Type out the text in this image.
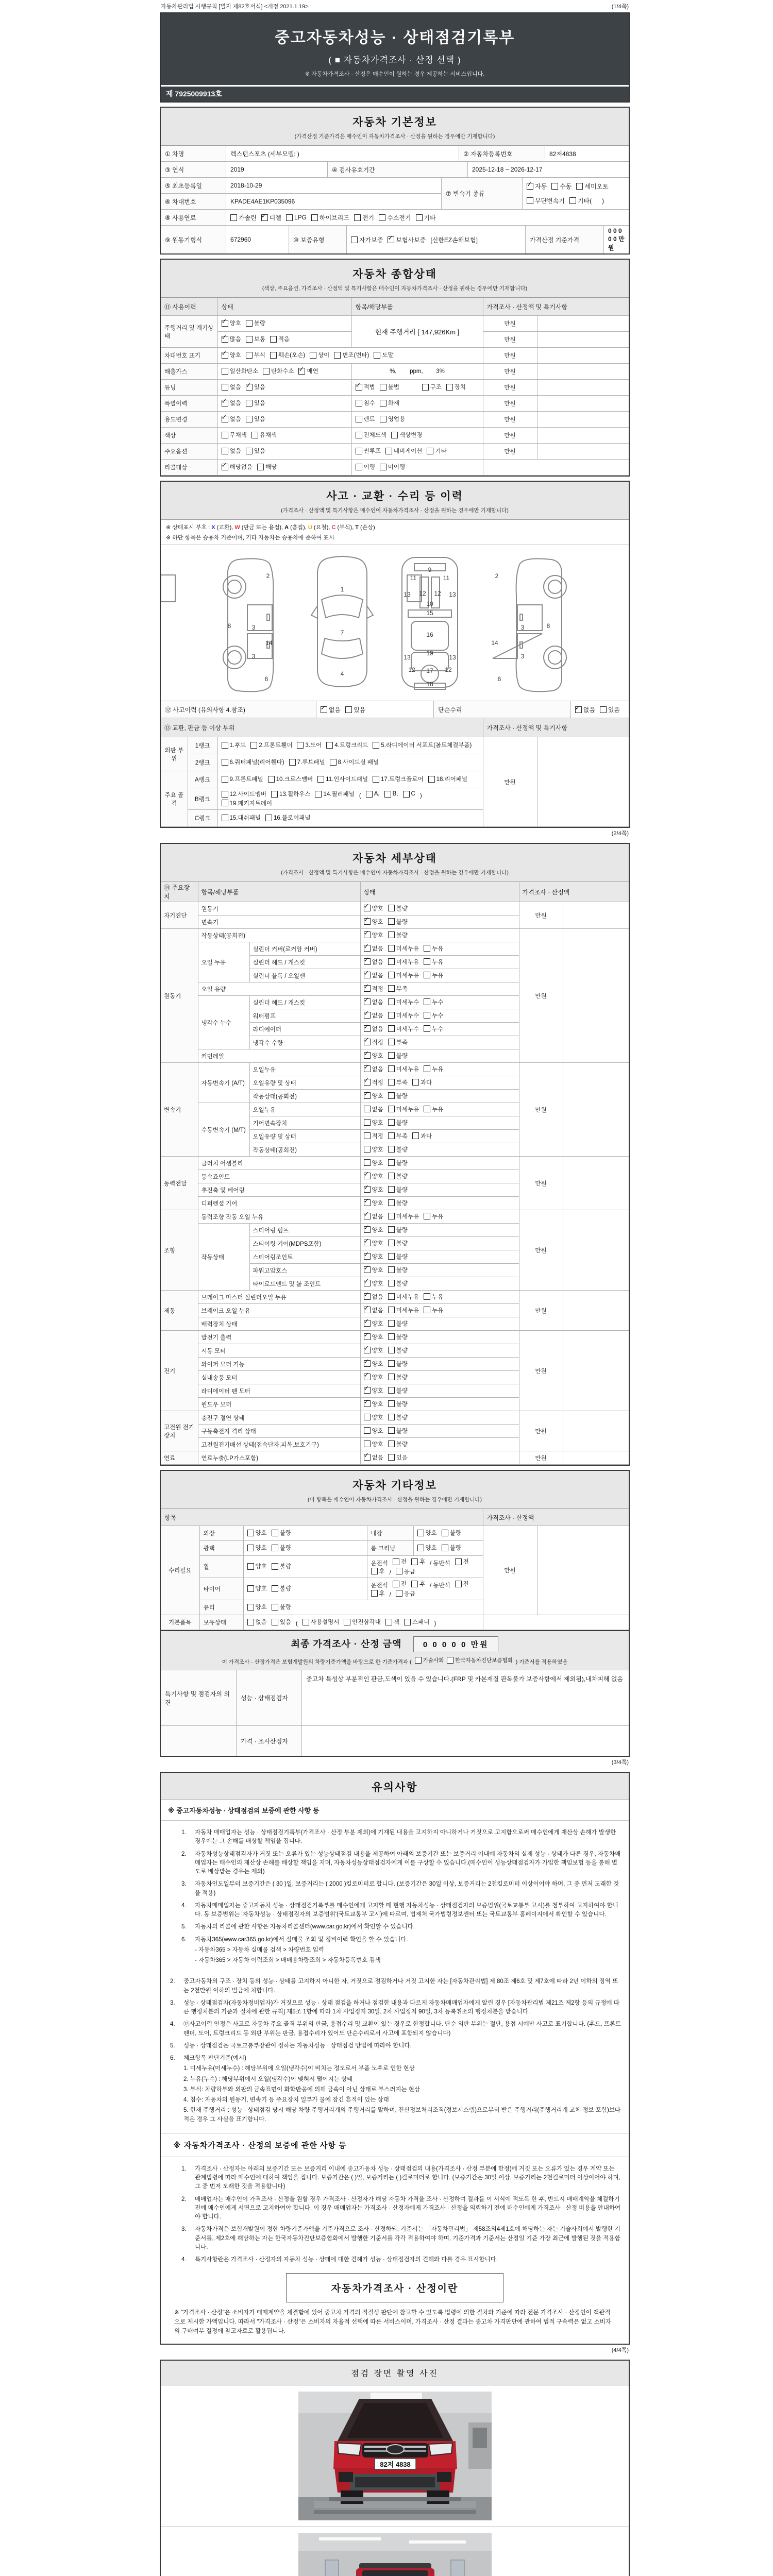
자동차관리법 시행규칙 [별지 제82호서식] <개정 2021.1.19>	(1/4쪽)
중고자동차성능 · 상태점검기록부
( ■ 자동차가격조사 · 산정 선택 )
※ 자동차가격조사 · 산정은 매수인이 원하는 경우 제공하는 서비스입니다.
제 7925009913호
자동차 기본정보
(가격산정 기준가격은 매수인이 자동차가격조사 · 산정을 원하는 경우에만 기재합니다)
① 차명	렉스턴스포츠 (세부모델: )	② 자동차등록번호	82저4838
③ 연식	2019	④ 검사유효기간	2025-12-18 ~ 2026-12-17
⑤ 최초등록일	2018-10-29
⑥ 차대번호	KPADE4AE1KP035096
⑦ 변속기 종류
✓
자동 수동 세미오토
무단변속기 기타(      )
⑧ 사용연료	가솔린 ✓ 디젤 LPG 하이브리드 전기 수소전기 기타
⑨ 원동기형식	672960	⑩ 보증유형	자가보증 ✓ 보험사보증 [신한EZ손해보험]	가격산정 기준가격
0 0 0 0 0 만원
자동차 종합상태
(색상, 주요옵션, 가격조사 · 산정액 및 특기사항은 매수인이 자동차가격조사 · 산정을 원하는 경우에만 기재합니다)
⑪ 사용이력	상태	항목/해당부품	가격조사 · 산정액 및 특기사항	
주행거리 및 계기상태	
✓
양호 불량	현재 주행거리 [ 147,926Km ]	만원	

✓
많음 보통 적음		만원	
차대번호 표기	
✓양호 부식 훼손(오손) 상이 변조(변타) 도말	만원	
배출가스	일산화탄소 탄화수소 ✓ 매연	%,        ppm,        3%	만원	
튜닝	없음 ✓ 있음

✓적법 불법
구조 장치	만원	
특별이력	
✓없음 있음	침수 화재	만원	
용도변경	
✓없음 있음	렌트 영업용	만원	
색상	무채색 유채색	전체도색 색상변경	만원	
주요옵션	없음 있음	썬루프 네비게이션 기타	만원	
리콜대상	
✓해당없음 해당	이행 미이행		

사고 · 교환 · 수리 등 이력
(가격조사 · 산정액 및 특기사항은 매수인이 자동차가격조사 · 산정을 원하는 경우에만 기재합니다)
※ 상태표시 부호 : X (교환), W (판금 또는 용접), A (흠집), U (요철), C (부식), T (손상)
※ 하단 항목은 승용차 기준이며, 기타 자동차는 승용차에 준하여 표시
2
8	3
14
3
6
1
7
4
9
11	11
13 12 12 13
10
15
16
13
19
13
12 17 12
18
2
8
3
14
3
6
⑫ 사고이력 (유의사항 4.참조) ✓	없음 있음	단순수리 ✓	없음 있음
⑬ 교환, 판금 등 이상 부위			가격조사 · 산정액 및 특기사항	
외판 부위	1랭크	1.후드 2.프론트휀더 3.도어 4.트렁크리드 5.라디에이터 서포트(볼트체결부품)	만원	
	2랭크	6.쿼터패널(리어휀다) 7.루브패널 8.사이드실 패널		

주요 골격	A랭크	9.프론트패널 10.크로스멤버 11.인사이드패널 17.트렁크플로어 18.리어패널		

B랭크	
12.사이드멤버 13.휠하우스 14.필러패널 ( A, B, C )
19.패키지트레이

	C랭크	15.대쉬패널 16.플로어패널		
(2/4쪽)
자동차 세부상태
(가격조사 · 산정액 및 특기사항은 매수인이 자동차가격조사 · 산정을 원하는 경우에만 기재합니다)
⑭ 주요장치	항목/해당부품		상태	가격조사 · 산정액	
자기진단	원동기	
✓양호 불량	만원	
	변속기	
✓양호 불량

원동기	작동상태(공회전)	
✓양호 불량	만원	
	오일 누유	실린더 커버(로커암 커버)	
✓없음 미세누유 누유

		실린더 헤드 / 개스킷	
✓없음 미세누유 누유

		실린더 블록 / 오일팬	
✓없음 미세누유 누유

	오일 유량	
✓적정 부족

	냉각수 누수	실린더 헤드 / 개스킷	
✓없음 미세누수 누수

		워터펌프	
✓없음 미세누수 누수

		라디에이터	
✓없음 미세누수 누수

		냉각수 수량	
✓적정 부족

	커먼레일	
✓양호 불량

변속기	자동변속기 (A/T)	오일누유	
✓없음 미세누유 누유	만원	
		오일유량 및 상태	
✓적정 부족 과다

		작동상태(공회전)	
✓양호 불량

	수동변속기 (M/T)	오일누유	없음 미세누유 누유		

		기어변속장치	양호 불량		

		오일유량 및 상태	적정 부족 과다		

		작동상태(공회전)	양호 불량		

동력전달	클러치 어셈블리		양호 불량	만원	
	등속죠인트	
✓양호 불량

	추진축 및 베어링	
✓양호 불량

	디퍼렌셜 기어	
✓양호 불량

조향	동력조향 작동 오일 누유	
✓없음 미세누유 누유	만원	
	작동상태	스티어링 펌프	
✓양호 불량

		스티어링 기어(MDPS포함)	
✓양호 불량

		스티어링조인트	
✓양호 불량

		파워고압호스	
✓양호 불량

		타이로드엔드 및 볼 조인트	
✓양호 불량

제동	브레이크 마스터 실린더오일 누유	
✓없음 미세누유 누유	만원	
	브레이크 오일 누유	
✓없음 미세누유 누유

	배력장치 상태	
✓양호 불량

전기	발전기 출력	
✓양호 불량	만원	
	시동 모터	
✓양호 불량

	와이퍼 모터 기능	
✓양호 불량

	실내송풍 모터	
✓양호 불량

	라디에이터 팬 모터	
✓양호 불량

	윈도우 모터	
✓양호 불량

고전원 전기장치	충전구 절연 상태		양호 불량	만원	
	구동축전지 격리 상태		양호 불량		

	고전원전기배선 상태(접속단자,피복,보호기구)		양호 불량		

연료	연료누출(LP가스포함)	
✓없음 있음	만원	
자동차 기타정보
(이 항목은 매수인이 자동차가격조사 · 산정을 원하는 경우에만 기재합니다)
항목					가격조사 · 산정액	
수리필요	외장	양호 불량	내장	양호 불량	만원	
	광택	양호 불량	룸 크리닝	양호 불량		

휠	양호 불량

운전석 전 후 / 동반석 전
후 / 응급

타이어	양호 불량

운전석 전 후 / 동반석 전
후 / 응급

	유리	양호 불량				

기본품목	보유상태	없음 있음 ( 사용설명서 안전삼각대 잭 스패너 )

최종 가격조사 · 산정 금액	0 0 0 0 0 만원
이 가격조사 · 산정가격은 보험개발원의 차량기준가액을 바탕으로 한 기준가격과 ( 기술사회 한국자동차진단보증협회 ) 기준서를 적용하였음
특기사항 및 점검자의 의견
성능 · 상태점검자
중고차 특성상 부분적인 판금,도색이 있을 수 있습니다.(FRP 및 카본재질 판독불가 보증사항에서 제외됨),내차피해 없음
가격 · 조사산정자
(3/4쪽)
유의사항
※ 중고자동차성능 · 상태점검의 보증에 관한 사항 등
1.	자동차 매매업자는 성능 · 상태점검기록부(가격조사 · 산정 부분 제외)에 기재된 내용을 고지하지 아니하거나 거짓으로 고지함으로써 매수인에게 재산상 손해가 발생한 경우에는 그 손해를 배상할 책임을 집니다.
2.	자동차성능상태점검자가 거짓 또는 오류가 있는 성능상태점검 내용을 제공하여 아래의 보증기간 또는 보증거리 이내에 자동차의 실제 성능 · 상태가 다른 경우, 자동차매매업자는 매수인의 재산상 손해를 배상할 책임을 지며, 자동차성능상태점검자에게 이를 구상할 수 있습니다.(매수인이 성능상태점검자가 가입한 책임보험 등을 통해 별도로 배상받는 경우는 제외)
3.	자동차인도일부터 보증기간은 ( 30 )일, 보증거리는 ( 2000 )킬로미터로 합니다. (보증기간은 30일 이상, 보증거리는 2천킬로미터 이상이어야 하며, 그 중 먼저 도래한 것을 적용)
4.	자동차매매업자는 중고자동차 성능 · 상태점검기록부를 매수인에게 고지할 때 현행 자동차성능 · 상태점검자의 보증범위(국토교통부 고시)를 첨부하여 고지하여야 합니다. 동 보증범위는 '자동차성능 · 상태점검자의 보증범위'(국토교통부 고시)에 따르며, 법제처 국가법령정보센터 또는 국토교통부 홈페이지에서 확인할 수 있습니다.
5.	자동차의 리콜에 관한 사항은 자동차리콜센터(www.car.go.kr)에서 확인할 수 있습니다.
6.	자동차365(www.car365.go.kr)에서 실매물 조회 및 정비이력 확인을 할 수 있습니다.
- 자동차365 > 자동차 실매물 검색 > 차량번호 입력
- 자동차365 > 자동차 이력조회 > 매매용차량조회 > 자동차등록번호 검색
2.	중고자동차의 구조 · 장치 등의 성능 · 상태를 고지하지 아니한 자, 거짓으로 점검하거나 거짓 고지한 자는 [자동차관리법] 제 80조 제6호 및 제7호에 따라 2년 이하의 징역 또는 2천만원 이하의 벌금에 처합니다.
3.	성능 · 상태점검자(자동차정비업자)가 거짓으로 성능 · 상태 점검을 하거나 점검한 내용과 다르게 자동차매매업자에게 알린 경우 [자동차관리법 제21조 제2항 등의 규정에 따른 행정처분의 기준과 절차에 관한 규칙] 제5조 1항에 따라 1차 사업정지 30일, 2차 사업정지 90일, 3차 등록취소의 행정처분을 받습니다.
4.	⑫사고이력 인정은 사고로 자동차 주요 골격 부위의 판금, 용접수리 및 교환이 있는 경우로 한정합니다. 단순 외판 부위는 절단, 용접 시에만 사고로 표기합니다. (후드, 프론트펜더, 도어, 트렁크리드 등 외판 부위는 판금, 용접수리가 있어도 단순수리로서 사고에 포함되지 않습니다)
5.	성능 · 상태점검은 국토교통부장관이 정하는 자동차성능 · 상태점검 방법에 따라야 합니다.
6.	체크항목 판단기준(예시)
1. 미세누유(미세누수) : 해당부위에 오일(냉각수)이 비치는 정도로서 부품 노후로 인한 현상
2. 누유(누수) : 해당부위에서 오일(냉각수)이 맺혀서 떨어지는 상태
3. 부식: 차량하부와 외판의 금속표면이 화학반응에 의해 금속이 아닌 상태로 부스러지는 현상
4. 침수: 자동차의 원동기, 변속기 등 주요장치 일부가 물에 잠긴 흔적이 있는 상태
5. 현재 주행거리 : 성능 · 상태점검 당시 해당 차량 주행거리계의 주행거리를 말하며, 전산정보처리조직(정보시스템)으로부터 받은 주행거리(주행거리계 교체 정보 포함)보다 적은 경우 그 사실을 표기합니다.
※ 자동차가격조사 · 산정의 보증에 관한 사항 등
1.	가격조사 · 산정자는 아래의 보증기간 또는 보증거리 이내에 중고자동차 성능 · 상태점검의 내용(가격조사 · 산정 부분에 한정)에 거짓 또는 오류가 있는 경우 계약 또는 관계법령에 따라 매수인에 대하여 책임을 집니다. 보증기간은 ( )일, 보증거리는 ( )킬로미터로 합니다. (보증기간은 30일 이상, 보증거리는 2천킬로미터 이상이어야 하며, 그 중 먼저 도래한 것을 적용합니다)
2.	매매업자는 매수인이 가격조사 · 산정을 원할 경우 가격조사 · 산정자가 해당 자동차 가격을 조사 · 산정하여 결과를 이 서식에 적도록 한 후, 반드시 매매계약을 체결하기 전에 매수인에게 서면으로 고지하여야 합니다. 이 경우 매매업자는 가격조사 · 산정자에게 가격조사 · 산정을 의뢰하기 전에 매수인에게 가격조사 · 산정 비용을 안내하여야 합니다.
3.	자동차가격은 보험개발원이 정한 차량기준가액을 기준가격으로 조사 · 산정하되, 기준서는 「자동차관리법」 제58조의4제1호에 해당하는 자는 기술사회에서 발행한 기준서를, 제2호에 해당하는 자는 한국자동차진단보증협회에서 발행한 기준서를 각각 적용하여야 하며, 기준가격과 기준서는 산정일 기준 가장 최근에 발행된 것을 적용합니다.
4.	특기사항란은 가격조사 · 산정자의 자동차 성능 · 상태에 대한 견해가 성능 · 상태점검자의 견해와 다를 경우 표시합니다.
자동차가격조사 · 산정이란
※ "가격조사 · 산정"은 소비자가 매매계약을 체결함에 있어 중고차 가격의 적절성 판단에 참고할 수 있도록 법령에 의한 절차와 기준에 따라 전문 가격조사 · 산정인이 객관적으로 제시한 가액입니다. 따라서 "가격조사 · 산정"은 소비자의 자율적 선택에 따른 서비스이며, 가격조사 · 산정 결과는 중고차 가격판단에 관하여 법적 구속력은 없고 소비자의 구매여부 결정에 참고자료로 활용됩니다.
(4/4쪽)
점검 장면 촬영 사진
82저 4838
